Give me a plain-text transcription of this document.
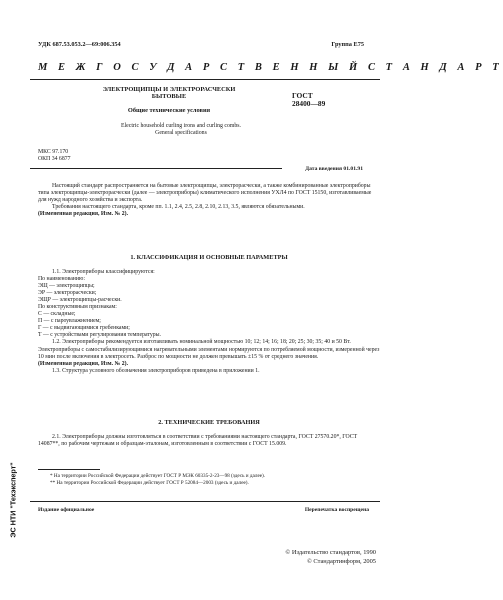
УДК 687.53.053.2—69:006.354	Группа Е75
М Е Ж Г О С У Д А Р С Т В Е Н Н Ы Й С Т А Н Д А Р Т
ЭЛЕКТРОЩИПЦЫ И ЭЛЕКТРОРАСЧЕСКИ
БЫТОВЫЕ
Общие технические условия
ГОСТ
28400—89
Electric household curling irons and curling combs.
General specifications
МКС 97.170
ОКП 34 6877
Дата введения 01.01.91

Настоящий стандарт распространяется на бытовые электрощипцы, электрорасчески, а также комбинированные электроприборы типа электрощипцы-электрорасчески (далее — электроприборы) климатического исполнения УХЛ4 по ГОСТ 15150, изготавливаемые для нужд народного хозяйства и экспорта.

Требования настоящего стандарта, кроме пп. 1.1, 2.4, 2.5, 2.8, 2.10, 2.13, 3.5, являются обязательными.

(Измененная редакция, Изм. № 2).

1. КЛАССИФИКАЦИЯ И ОСНОВНЫЕ ПАРАМЕТРЫ

1.1. Электроприборы классифицируются:

По наименованию:

ЭЩ — электрощипцы;

ЭР — электрорасчески;

ЭЩР — электрощипцы-расчески.

По конструктивным признакам:

С — складные;

П — с пароувлажнением;

Г — с выдвигающимися гребенками;

Т — с устройствами регулирования температуры.

1.2. Электроприборы рекомендуется изготавливать номинальной мощностью 10; 12; 14; 16; 18; 20; 25; 30; 35; 40 и 50 Вт.

Электроприборы с самостабилизирующимися нагревательными элементами нормируются по потребляемой мощности, измеренной через 10 мин после включения в электросеть. Разброс по мощности не должен превышать ±15 % от среднего значения.

(Измененная редакция, Изм. № 2).

1.3. Структура условного обозначения электроприборов приведена в приложении 1.

2. ТЕХНИЧЕСКИЕ ТРЕБОВАНИЯ

2.1. Электроприборы должны изготовляться в соответствии с требованиями настоящего стандарта, ГОСТ 27570.20*, ГОСТ 14087**, по рабочим чертежам и образцам-эталонам, изготовленным в соответствии с ГОСТ 15.009.

* На территории Российской Федерации действует ГОСТ Р МЭК 60335-2-23—98 (здесь и далее).
** На территории Российской Федерации действует ГОСТ Р 52084—2003 (здесь и далее).
Издание официальное	Перепечатка воспрещена
© Издательство стандартов, 1990
© Стандартинформ, 2005
ЭС НТИ "Техэксперт"
